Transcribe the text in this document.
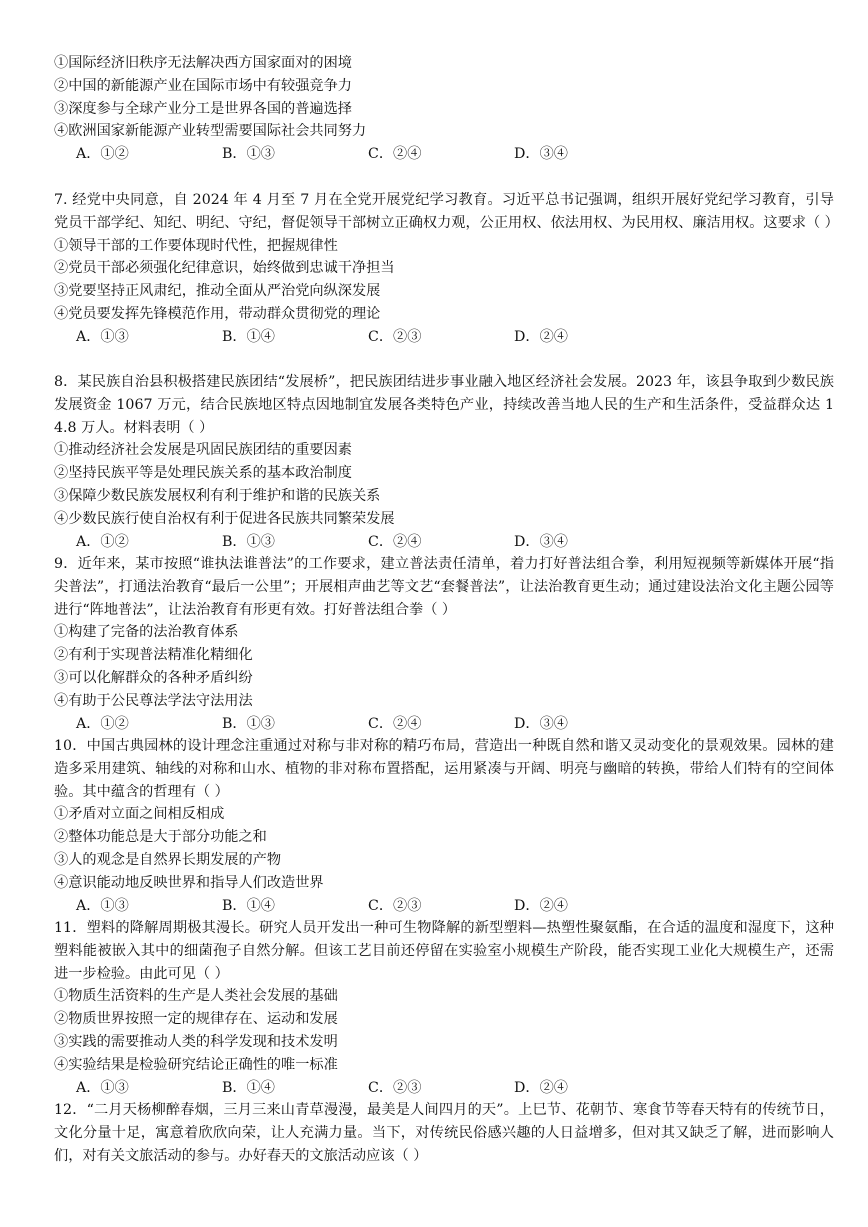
①国际经济旧秩序无法解决西方国家面对的困境
②中国的新能源产业在国际市场中有较强竞争力
③深度参与全球产业分工是世界各国的普遍选择
④欧洲国家新能源产业转型需要国际社会共同努力
A．①②	B．①③	C．②④	D．③④
7. 经党中央同意，自 2024 年 4 月至 7 月在全党开展党纪学习教育。习近平总书记强调，组织开展好党纪学习教育，引导党员干部学纪、知纪、明纪、守纪，督促领导干部树立正确权力观，公正用权、依法用权、为民用权、廉洁用权。这要求（ ）
①领导干部的工作要体现时代性，把握规律性
②党员干部必须强化纪律意识，始终做到忠诚干净担当
③党要坚持正风肃纪，推动全面从严治党向纵深发展
④党员要发挥先锋模范作用，带动群众贯彻党的理论
A．①③	B．①④	C．②③	D．②④
8．某民族自治县积极搭建民族团结“发展桥”，把民族团结进步事业融入地区经济社会发展。2023 年，该县争取到少数民族发展资金 1067 万元，结合民族地区特点因地制宜发展各类特色产业，持续改善当地人民的生产和生活条件，受益群众达 14.8 万人。材料表明（ ）
①推动经济社会发展是巩固民族团结的重要因素
②坚持民族平等是处理民族关系的基本政治制度
③保障少数民族发展权利有利于维护和谐的民族关系
④少数民族行使自治权有利于促进各民族共同繁荣发展
A．①②	B．①③	C．②④	D．③④
9．近年来，某市按照“谁执法谁普法”的工作要求，建立普法责任清单，着力打好普法组合拳，利用短视频等新媒体开展“指尖普法”，打通法治教育“最后一公里”；开展相声曲艺等文艺“套餐普法”，让法治教育更生动；通过建设法治文化主题公园等进行“阵地普法”，让法治教育有形更有效。打好普法组合拳（ ）
①构建了完备的法治教育体系
②有利于实现普法精准化精细化
③可以化解群众的各种矛盾纠纷
④有助于公民尊法学法守法用法
A．①②	B．①③	C．②④	D．③④
10．中国古典园林的设计理念注重通过对称与非对称的精巧布局，营造出一种既自然和谐又灵动变化的景观效果。园林的建造多采用建筑、轴线的对称和山水、植物的非对称布置搭配，运用紧凑与开阔、明亮与幽暗的转换，带给人们特有的空间体验。其中蕴含的哲理有（ ）
①矛盾对立面之间相反相成
②整体功能总是大于部分功能之和
③人的观念是自然界长期发展的产物
④意识能动地反映世界和指导人们改造世界
A．①③	B．①④	C．②③	D．②④
11．塑料的降解周期极其漫长。研究人员开发出一种可生物降解的新型塑料—热塑性聚氨酯，在合适的温度和湿度下，这种塑料能被嵌入其中的细菌孢子自然分解。但该工艺目前还停留在实验室小规模生产阶段，能否实现工业化大规模生产，还需进一步检验。由此可见（ ）
①物质生活资料的生产是人类社会发展的基础
②物质世界按照一定的规律存在、运动和发展
③实践的需要推动人类的科学发现和技术发明
④实验结果是检验研究结论正确性的唯一标准
A．①③	B．①④	C．②③	D．②④
12．“二月天杨柳醉春烟，三月三来山青草漫漫，最美是人间四月的天”。上巳节、花朝节、寒食节等春天特有的传统节日，文化分量十足，寓意着欣欣向荣，让人充满力量。当下，对传统民俗感兴趣的人日益增多，但对其又缺乏了解，进而影响人们，对有关文旅活动的参与。办好春天的文旅活动应该（ ）
